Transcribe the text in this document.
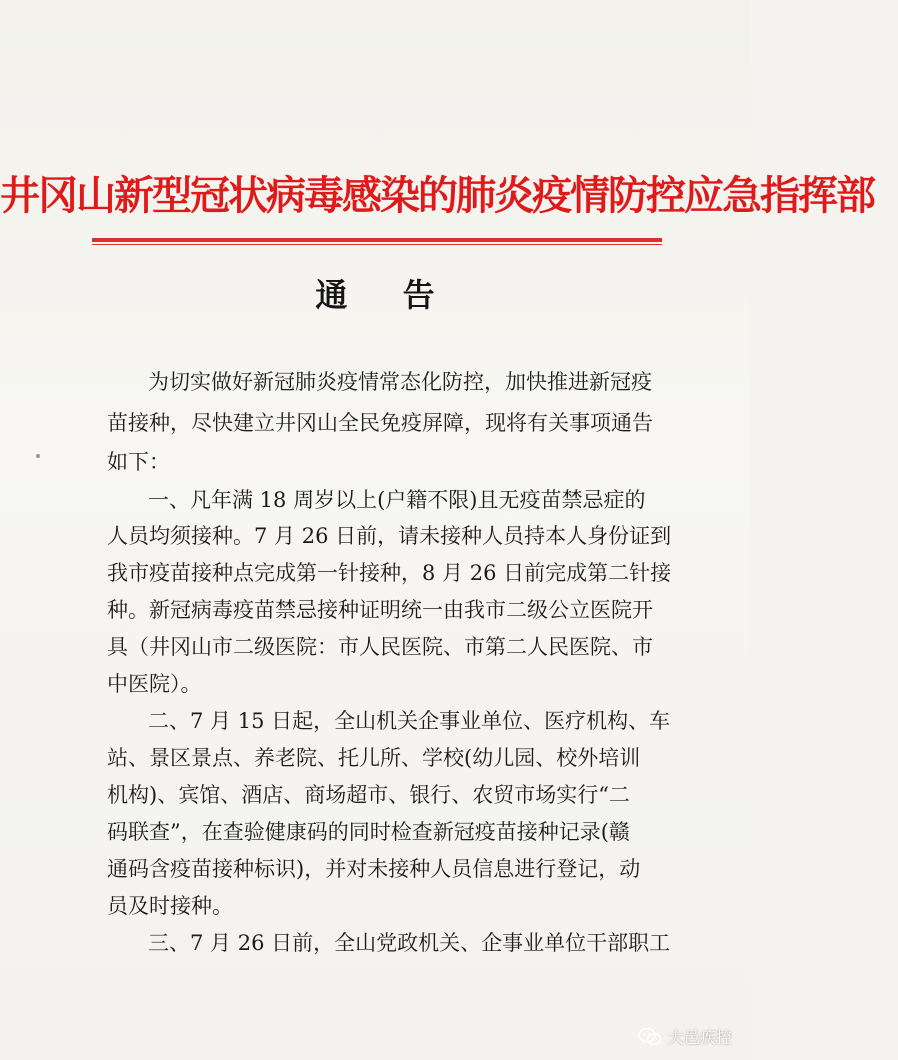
井冈山新型冠状病毒感染的肺炎疫情防控应急指挥部
通 告
为切实做好新冠肺炎疫情常态化防控，加快推进新冠疫
苗接种，尽快建立井冈山全民免疫屏障，现将有关事项通告
如下：
一、凡年满 18 周岁以上(户籍不限)且无疫苗禁忌症的
人员均须接种。7 月 26 日前，请未接种人员持本人身份证到
我市疫苗接种点完成第一针接种，8 月 26 日前完成第二针接
种。新冠病毒疫苗禁忌接种证明统一由我市二级公立医院开
具（井冈山市二级医院：市人民医院、市第二人民医院、市
中医院）。
二、7 月 15 日起，全山机关企事业单位、医疗机构、车
站、景区景点、养老院、托儿所、学校(幼儿园、校外培训
机构)、宾馆、酒店、商场超市、银行、农贸市场实行“二
码联查”，在查验健康码的同时检查新冠疫苗接种记录(赣
通码含疫苗接种标识)，并对未接种人员信息进行登记，动
员及时接种。
三、7 月 26 日前，全山党政机关、企事业单位干部职工
大邑疾控
